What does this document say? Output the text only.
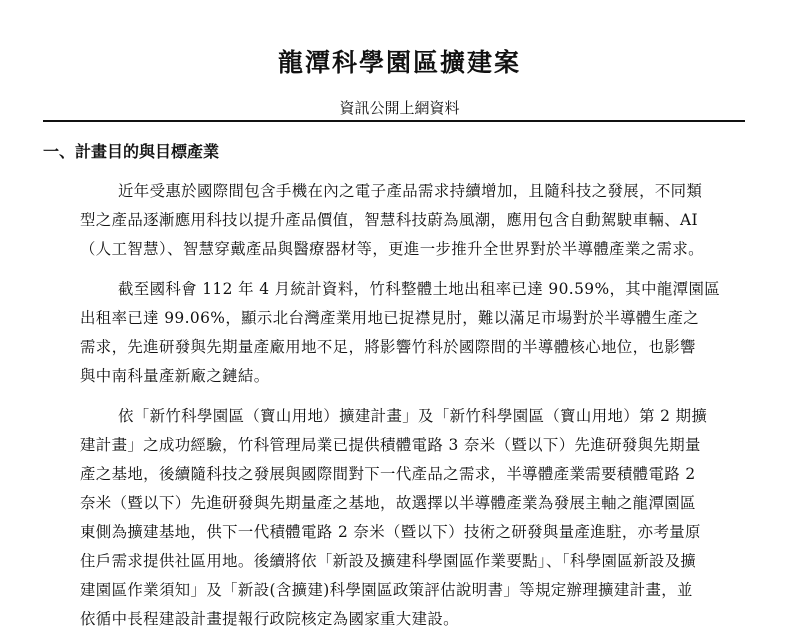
龍潭科學園區擴建案
資訊公開上網資料
一、計畫目的與目標產業
近年受惠於國際間包含手機在內之電子產品需求持續增加，且隨科技之發展，不同類
型之產品逐漸應用科技以提升產品價值，智慧科技蔚為風潮，應用包含自動駕駛車輛、AI
（人工智慧）、智慧穿戴產品與醫療器材等，更進一步推升全世界對於半導體產業之需求。
截至國科會 112 年 4 月統計資料，竹科整體土地出租率已達 90.59%，其中龍潭園區
出租率已達 99.06%，顯示北台灣產業用地已捉襟見肘，難以滿足市場對於半導體生產之
需求，先進研發與先期量產廠用地不足，將影響竹科於國際間的半導體核心地位，也影響
與中南科量產新廠之鏈結。
依「新竹科學園區（寶山用地）擴建計畫」及「新竹科學園區（寶山用地）第 2 期擴
建計畫」之成功經驗，竹科管理局業已提供積體電路 3 奈米（暨以下）先進研發與先期量
產之基地，後續隨科技之發展與國際間對下一代產品之需求，半導體產業需要積體電路 2
奈米（暨以下）先進研發與先期量產之基地，故選擇以半導體產業為發展主軸之龍潭園區
東側為擴建基地，供下一代積體電路 2 奈米（暨以下）技術之研發與量產進駐，亦考量原
住戶需求提供社區用地。後續將依「新設及擴建科學園區作業要點」、「科學園區新設及擴
建園區作業須知」及「新設(含擴建)科學園區政策評估說明書」等規定辦理擴建計畫，並
依循中長程建設計畫提報行政院核定為國家重大建設。
